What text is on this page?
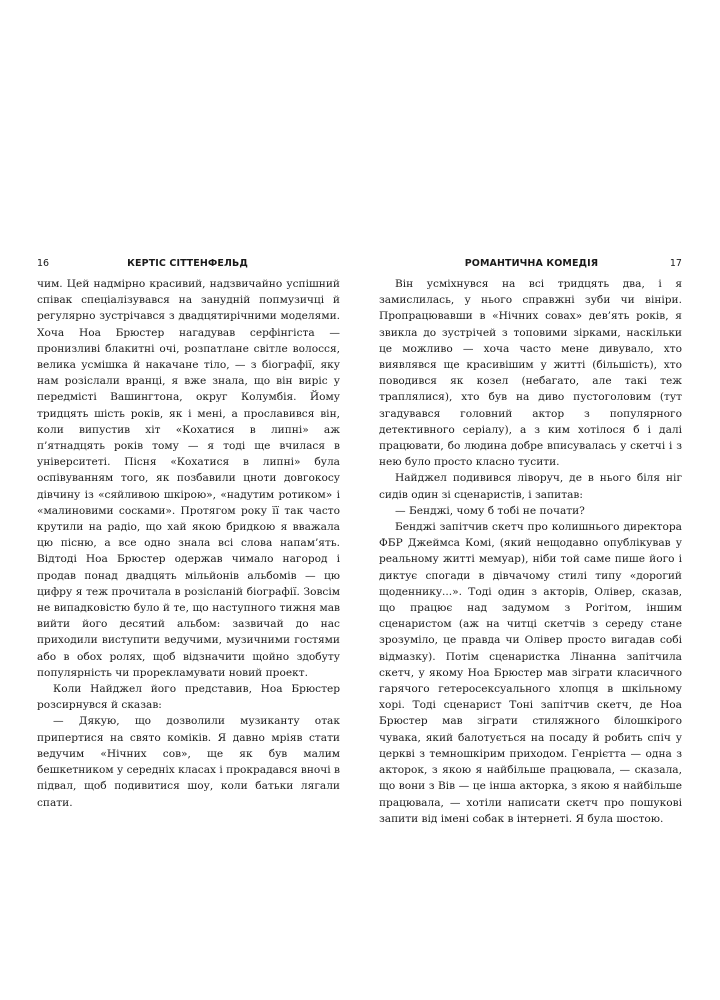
16	КЕРТІС СІТТЕНФЕЛЬД

чим. Цей надмірно красивий, надзвичайно успішний співак спеціалізувався на занудній попмузичці й регулярно зустрічався з двадцятирічними моделями. Хоча Ноа Брюстер нагадував серфінгіста — пронизливі блакитні очі, розпатлане світле волосся, велика усмішка й накачане тіло, — з біографії, яку нам розіслали вранці, я вже знала, що він виріс у передмісті Вашингтона, округ Колумбія. Йому тридцять шість років, як і мені, а прославився він, коли випустив хіт «Кохатися в липні» аж п’ятнадцять років тому — я тоді ще вчилася в університеті. Пісня «Кохатися в липні» була оспівуванням того, як позбавили цноти довгокосу дівчину із «сяйливою шкірою», «надутим ротиком» і «малиновими сосками». Протягом року її так часто крутили на радіо, що хай якою бридкою я вважала цю пісню, а все одно знала всі слова напам’ять. Відтоді Ноа Брюстер одержав чимало нагород і продав понад двадцять мільйонів альбомів — цю цифру я теж прочитала в розісланій біографії. Зовсім не випадковістю було й те, що наступного тижня мав вийти його десятий альбом: зазвичай до нас приходили виступити ведучими, музичними гостями або в обох ролях, щоб відзначити щойно здобуту популярність чи прорекламувати новий проект.

Коли Найджел його представив, Ноа Брюстер розсирнувся й сказав:

— Дякую, що дозволили музиканту отак припертися на свято коміків. Я давно мріяв стати ведучим «Нічних сов», ще як був малим бешкетником у середніх класах і прокрадався вночі в підвал, щоб подивитися шоу, коли батьки лягали спати.

РОМАНТИЧНА КОМЕДІЯ	17

Він усміхнувся на всі тридцять два, і я замислилась, у нього справжні зуби чи вініри. Пропрацювавши в «Нічних совах» дев’ять років, я звикла до зустрічей з топовими зірками, наскільки це можливо — хоча часто мене дивувало, хто виявлявся ще красивішим у житті (більшість), хто поводився як козел (небагато, але такі теж траплялися), хто був на диво пустоголовим (тут згадувався головний актор з популярного детективного серіалу), а з ким хотілося б і далі працювати, бо людина добре вписувалась у скетчі і з нею було просто класно тусити.

Найджел подивився ліворуч, де в нього біля ніг сидів один зі сценаристів, і запитав:

— Бенджі, чому б тобі не почати?

Бенджі запітчив скетч про колишнього директора ФБР Джеймса Комі, (який нещодавно опублікував у реальному житті мемуар), ніби той саме пише його і диктує спогади в дівчачому стилі типу «дорогий щоденнику...». Тоді один з акторів, Олівер, сказав, що працює над задумом з Рогітом, іншим сценаристом (аж на читці скетчів з середу стане зрозуміло, це правда чи Олівер просто вигадав собі відмазку). Потім сценаристка Лінанна запітчила скетч, у якому Ноа Брюстер мав зіграти класичного гарячого гетеросексуального хлопця в шкільному хорі. Тоді сценарист Тоні запітчив скетч, де Ноа Брюстер мав зіграти стиляжного білошкірого чувака, який балотується на посаду й робить спіч у церкві з темношкірим приходом. Генрієтта — одна з акторок, з якою я найбільше працювала, — сказала, що вони з Вів — це інша акторка, з якою я найбільше працювала, — хотіли написати скетч про пошукові запити від імені собак в інтернеті. Я була шостою.
